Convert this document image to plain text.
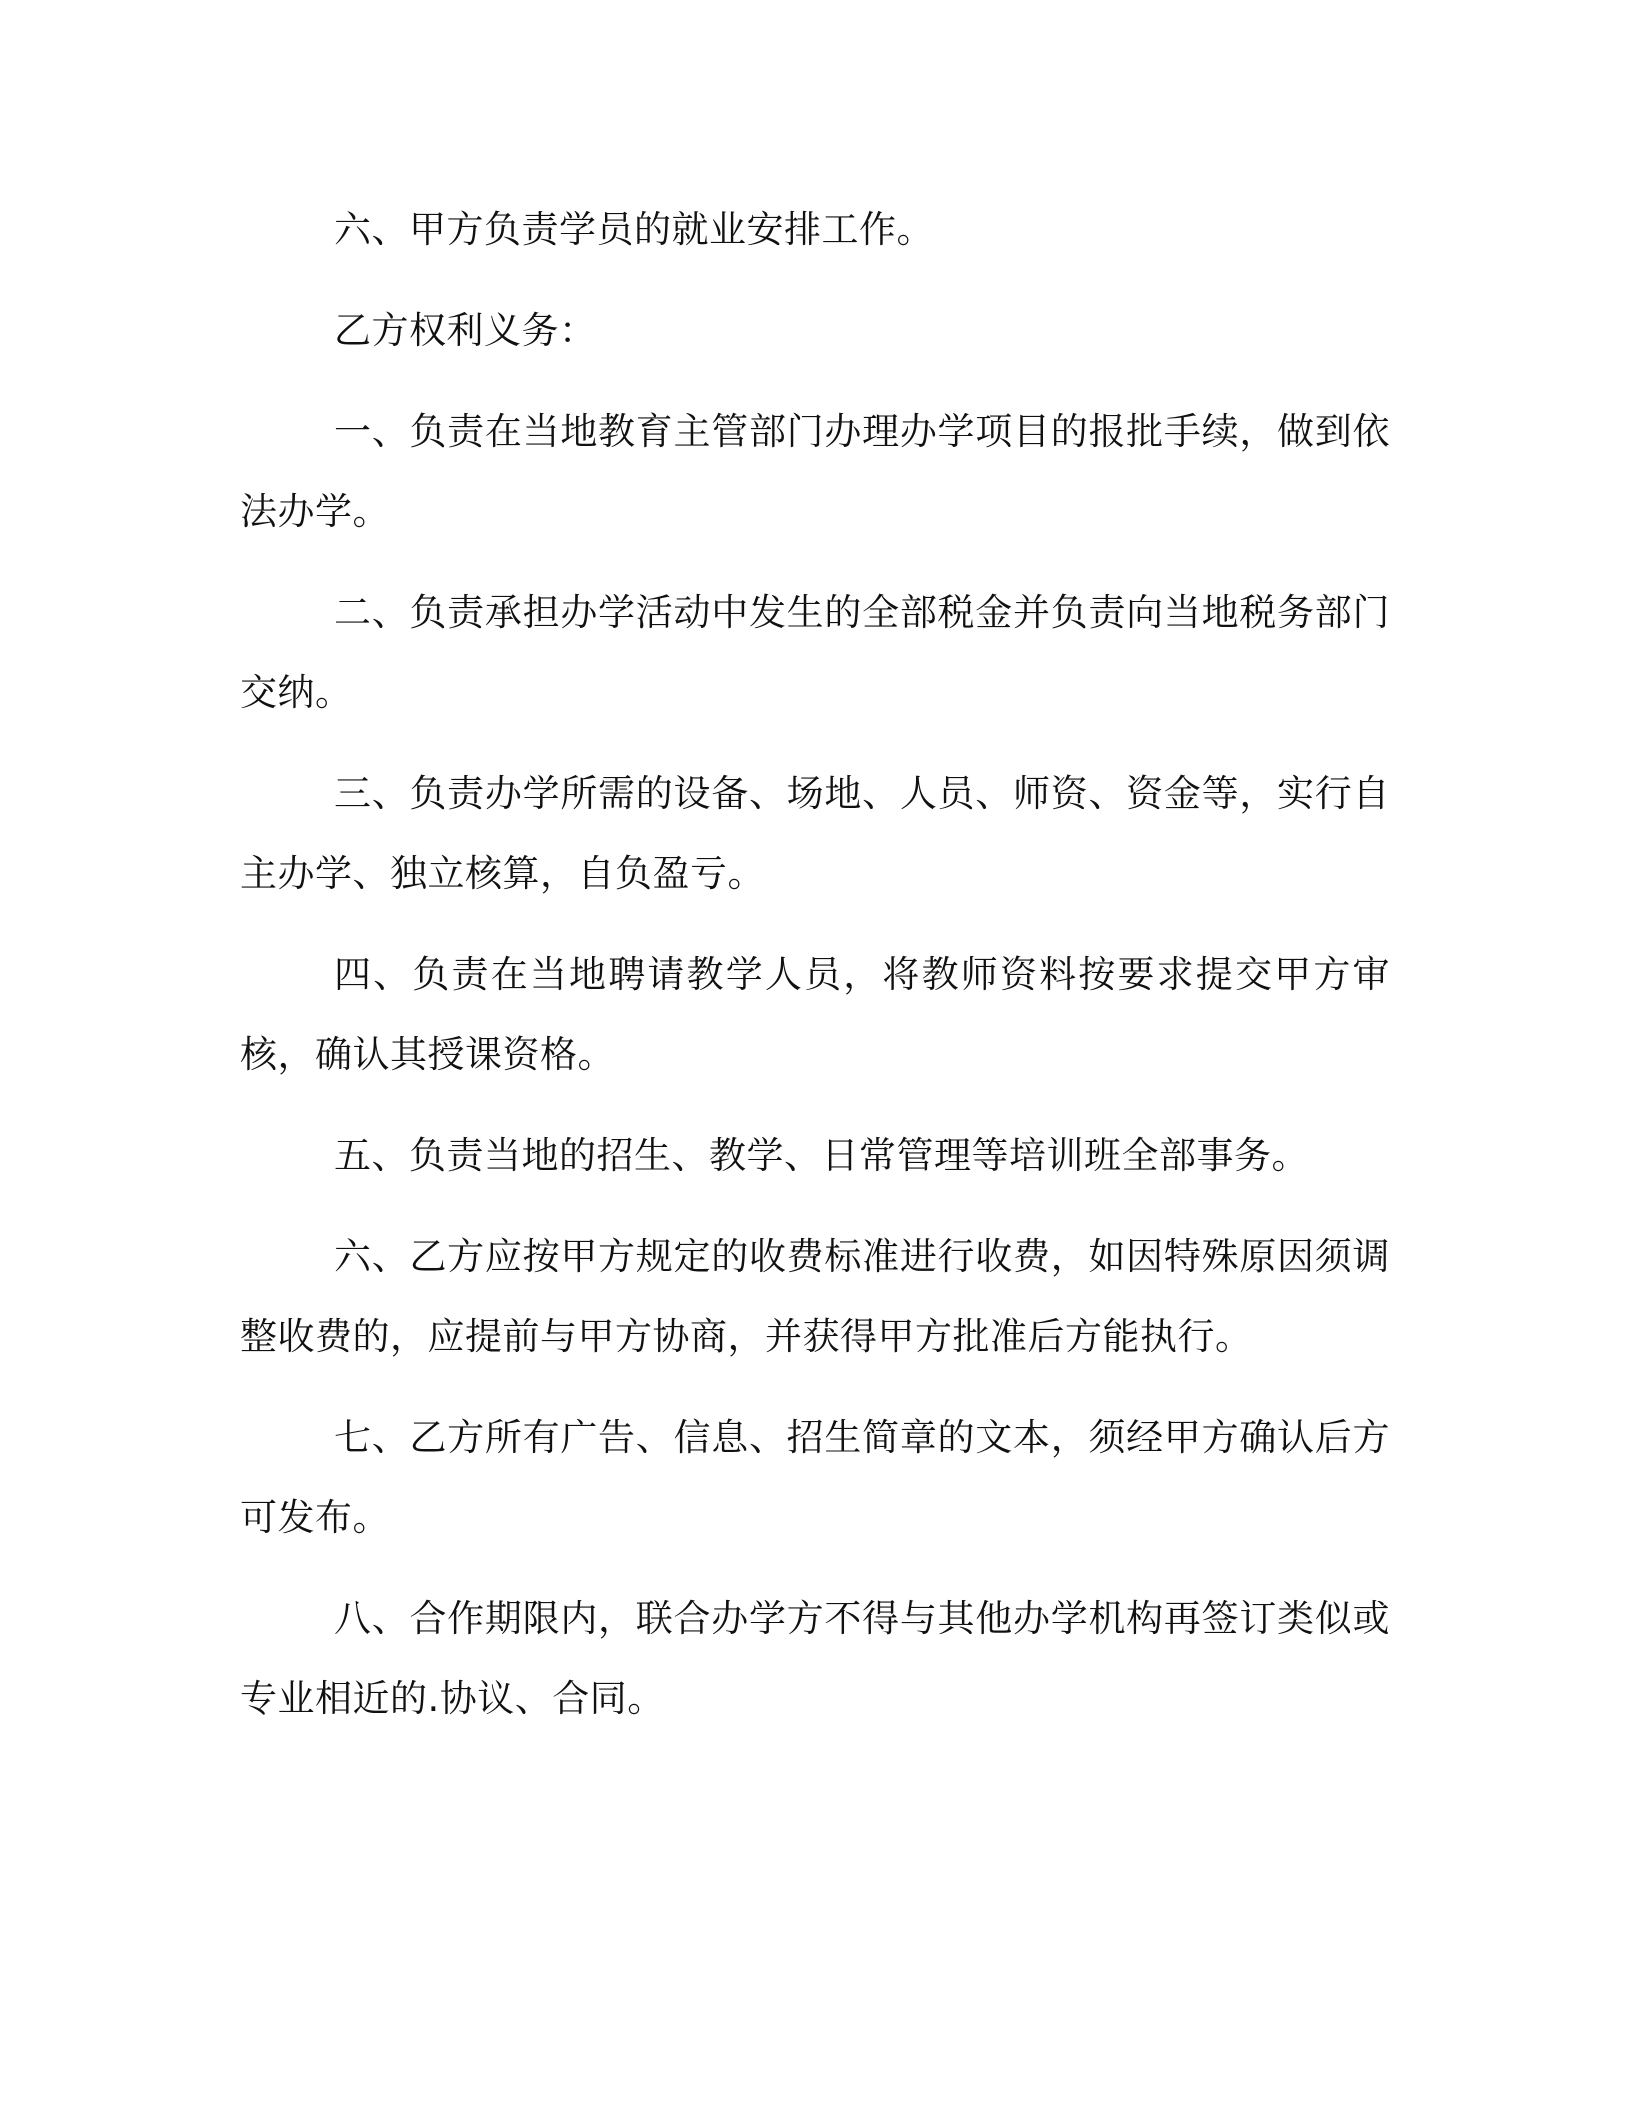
六、甲方负责学员的就业安排工作。

乙方权利义务：

一、负责在当地教育主管部门办理办学项目的报批手续，做到依法办学。

二、负责承担办学活动中发生的全部税金并负责向当地税务部门交纳。

三、负责办学所需的设备、场地、人员、师资、资金等，实行自主办学、独立核算，自负盈亏。

四、负责在当地聘请教学人员，将教师资料按要求提交甲方审核，确认其授课资格。

五、负责当地的招生、教学、日常管理等培训班全部事务。

六、乙方应按甲方规定的收费标准进行收费，如因特殊原因须调整收费的，应提前与甲方协商，并获得甲方批准后方能执行。

七、乙方所有广告、信息、招生简章的文本，须经甲方确认后方可发布。

八、合作期限内，联合办学方不得与其他办学机构再签订类似或专业相近的.协议、合同。
